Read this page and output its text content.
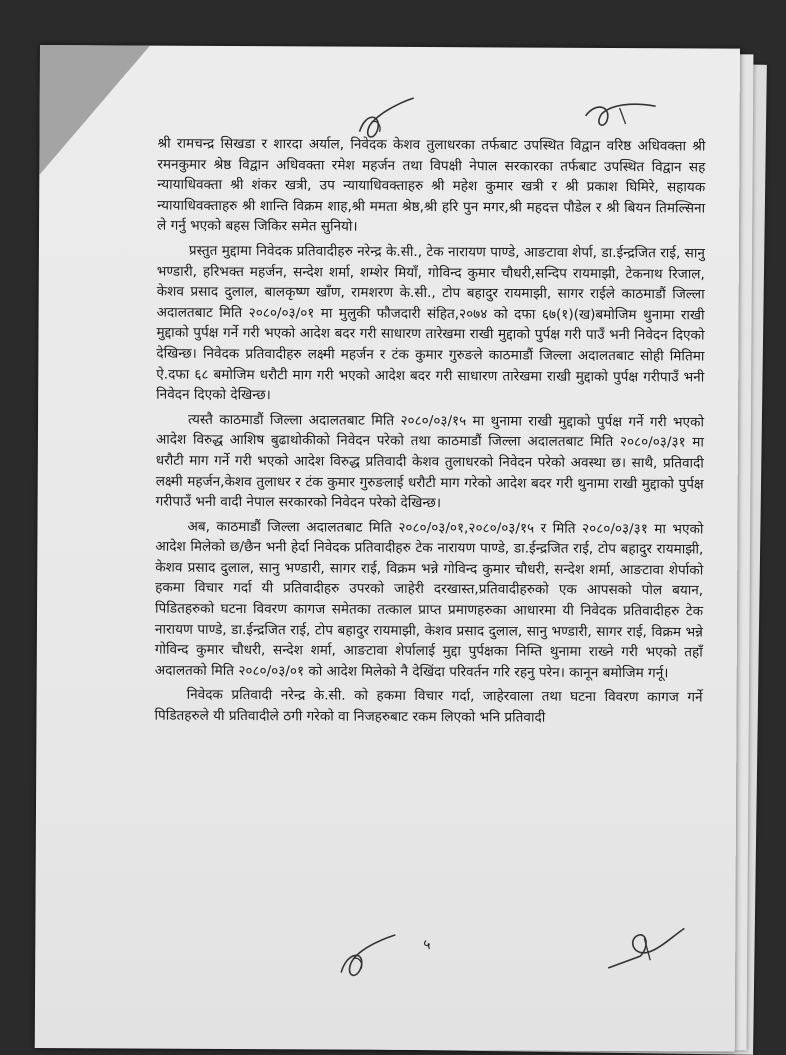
श्री रामचन्द्र सिखडा र शारदा अर्याल, निवेदक केशव तुलाधरका तर्फबाट उपस्थित विद्वान वरिष्ठ अधिवक्ता श्री रमनकुमार श्रेष्ठ विद्वान अधिवक्ता रमेश महर्जन तथा विपक्षी नेपाल सरकारका तर्फबाट उपस्थित विद्वान सह न्यायाधिवक्ता श्री शंकर खत्री, उप न्यायाधिवक्ताहरु श्री महेश कुमार खत्री र श्री प्रकाश घिमिरे, सहायक न्यायाधिवक्ताहरु श्री शान्ति विक्रम शाह,श्री ममता श्रेष्ठ,श्री हरि पुन मगर,श्री महदत्त पौडेल र श्री बियन तिमल्सिना ले गर्नु भएको बहस जिकिर समेत सुनियो।

प्रस्तुत मुद्दामा निवेदक प्रतिवादीहरु नरेन्द्र के.सी., टेक नारायण पाण्डे, आङटावा शेर्पा, डा.ईन्द्रजित राई, सानु भण्डारी, हरिभक्त महर्जन, सन्देश शर्मा, शम्शेर मियाँ, गोविन्द कुमार चौधरी,सन्दिप रायमाझी, टेकनाथ रिजाल, केशव प्रसाद दुलाल, बालकृष्ण खाँण, रामशरण के.सी., टोप बहादुर रायमाझी, सागर राईले काठमाडौं जिल्ला अदालतबाट मिति २०८०/०३/०१ मा मुलुकी फौजदारी संहित,२०७४ को दफा ६७(१)(ख)बमोजिम थुनामा राखी मुद्दाको पुर्पक्ष गर्ने गरी भएको आदेश बदर गरी साधारण तारेखमा राखी मुद्दाको पुर्पक्ष गरी पाउँ भनी निवेदन दिएको देखिन्छ। निवेदक प्रतिवादीहरु लक्ष्मी महर्जन र टंक कुमार गुरुङले काठमाडौं जिल्ला अदालतबाट सोही मितिमा ऐ.दफा ६८ बमोजिम धरौटी माग गरी भएको आदेश बदर गरी साधारण तारेखमा राखी मुद्दाको पुर्पक्ष गरीपाउँ भनी निवेदन दिएको देखिन्छ।

त्यस्तै काठमाडौं जिल्ला अदालतबाट मिति २०८०/०३/१५ मा थुनामा राखी मुद्दाको पुर्पक्ष गर्ने गरी भएको आदेश विरुद्ध आशिष बुढाथोकीको निवेदन परेको तथा काठमाडौं जिल्ला अदालतबाट मिति २०८०/०३/३१ मा धरौटी माग गर्ने गरी भएको आदेश विरुद्ध प्रतिवादी केशव तुलाधरको निवेदन परेको अवस्था छ। साथै, प्रतिवादी लक्ष्मी महर्जन,केशव तुलाधर र टंक कुमार गुरुङलाई धरौटी माग गरेको आदेश बदर गरी थुनामा राखी मुद्दाको पुर्पक्ष गरीपाउँ भनी वादी नेपाल सरकारको निवेदन परेको देखिन्छ।

अब, काठमाडौं जिल्ला अदालतबाट मिति २०८०/०३/०१,२०८०/०३/१५ र मिति २०८०/०३/३१ मा भएको आदेश मिलेको छ/छैन भनी हेर्दा निवेदक प्रतिवादीहरु टेक नारायण पाण्डे, डा.ईन्द्रजित राई, टोप बहादुर रायमाझी, केशव प्रसाद दुलाल, सानु भण्डारी, सागर राई, विक्रम भन्ने गोविन्द कुमार चौधरी, सन्देश शर्मा, आङटावा शेर्पाको हकमा विचार गर्दा यी प्रतिवादीहरु उपरको जाहेरी दरखास्त,प्रतिवादीहरुको एक आपसको पोल बयान, पिडितहरुको घटना विवरण कागज समेतका तत्काल प्राप्त प्रमाणहरुका आधारमा यी निवेदक प्रतिवादीहरु टेक नारायण पाण्डे, डा.ईन्द्रजित राई, टोप बहादुर रायमाझी, केशव प्रसाद दुलाल, सानु भण्डारी, सागर राई, विक्रम भन्ने गोविन्द कुमार चौधरी, सन्देश शर्मा, आङटावा शेर्पालाई मुद्दा पुर्पक्षका निम्ति थुनामा राख्ने गरी भएको तहाँ अदालतको मिति २०८०/०३/०१ को आदेश मिलेको नै देखिंदा परिवर्तन गरि रहनु परेन। कानून बमोजिम गर्नू।

निवेदक प्रतिवादी नरेन्द्र के.सी. को हकमा विचार गर्दा, जाहेरवाला तथा घटना विवरण कागज गर्ने पिडितहरुले यी प्रतिवादीले ठगी गरेको वा निजहरुबाट रकम लिएको भनि प्रतिवादी

५
